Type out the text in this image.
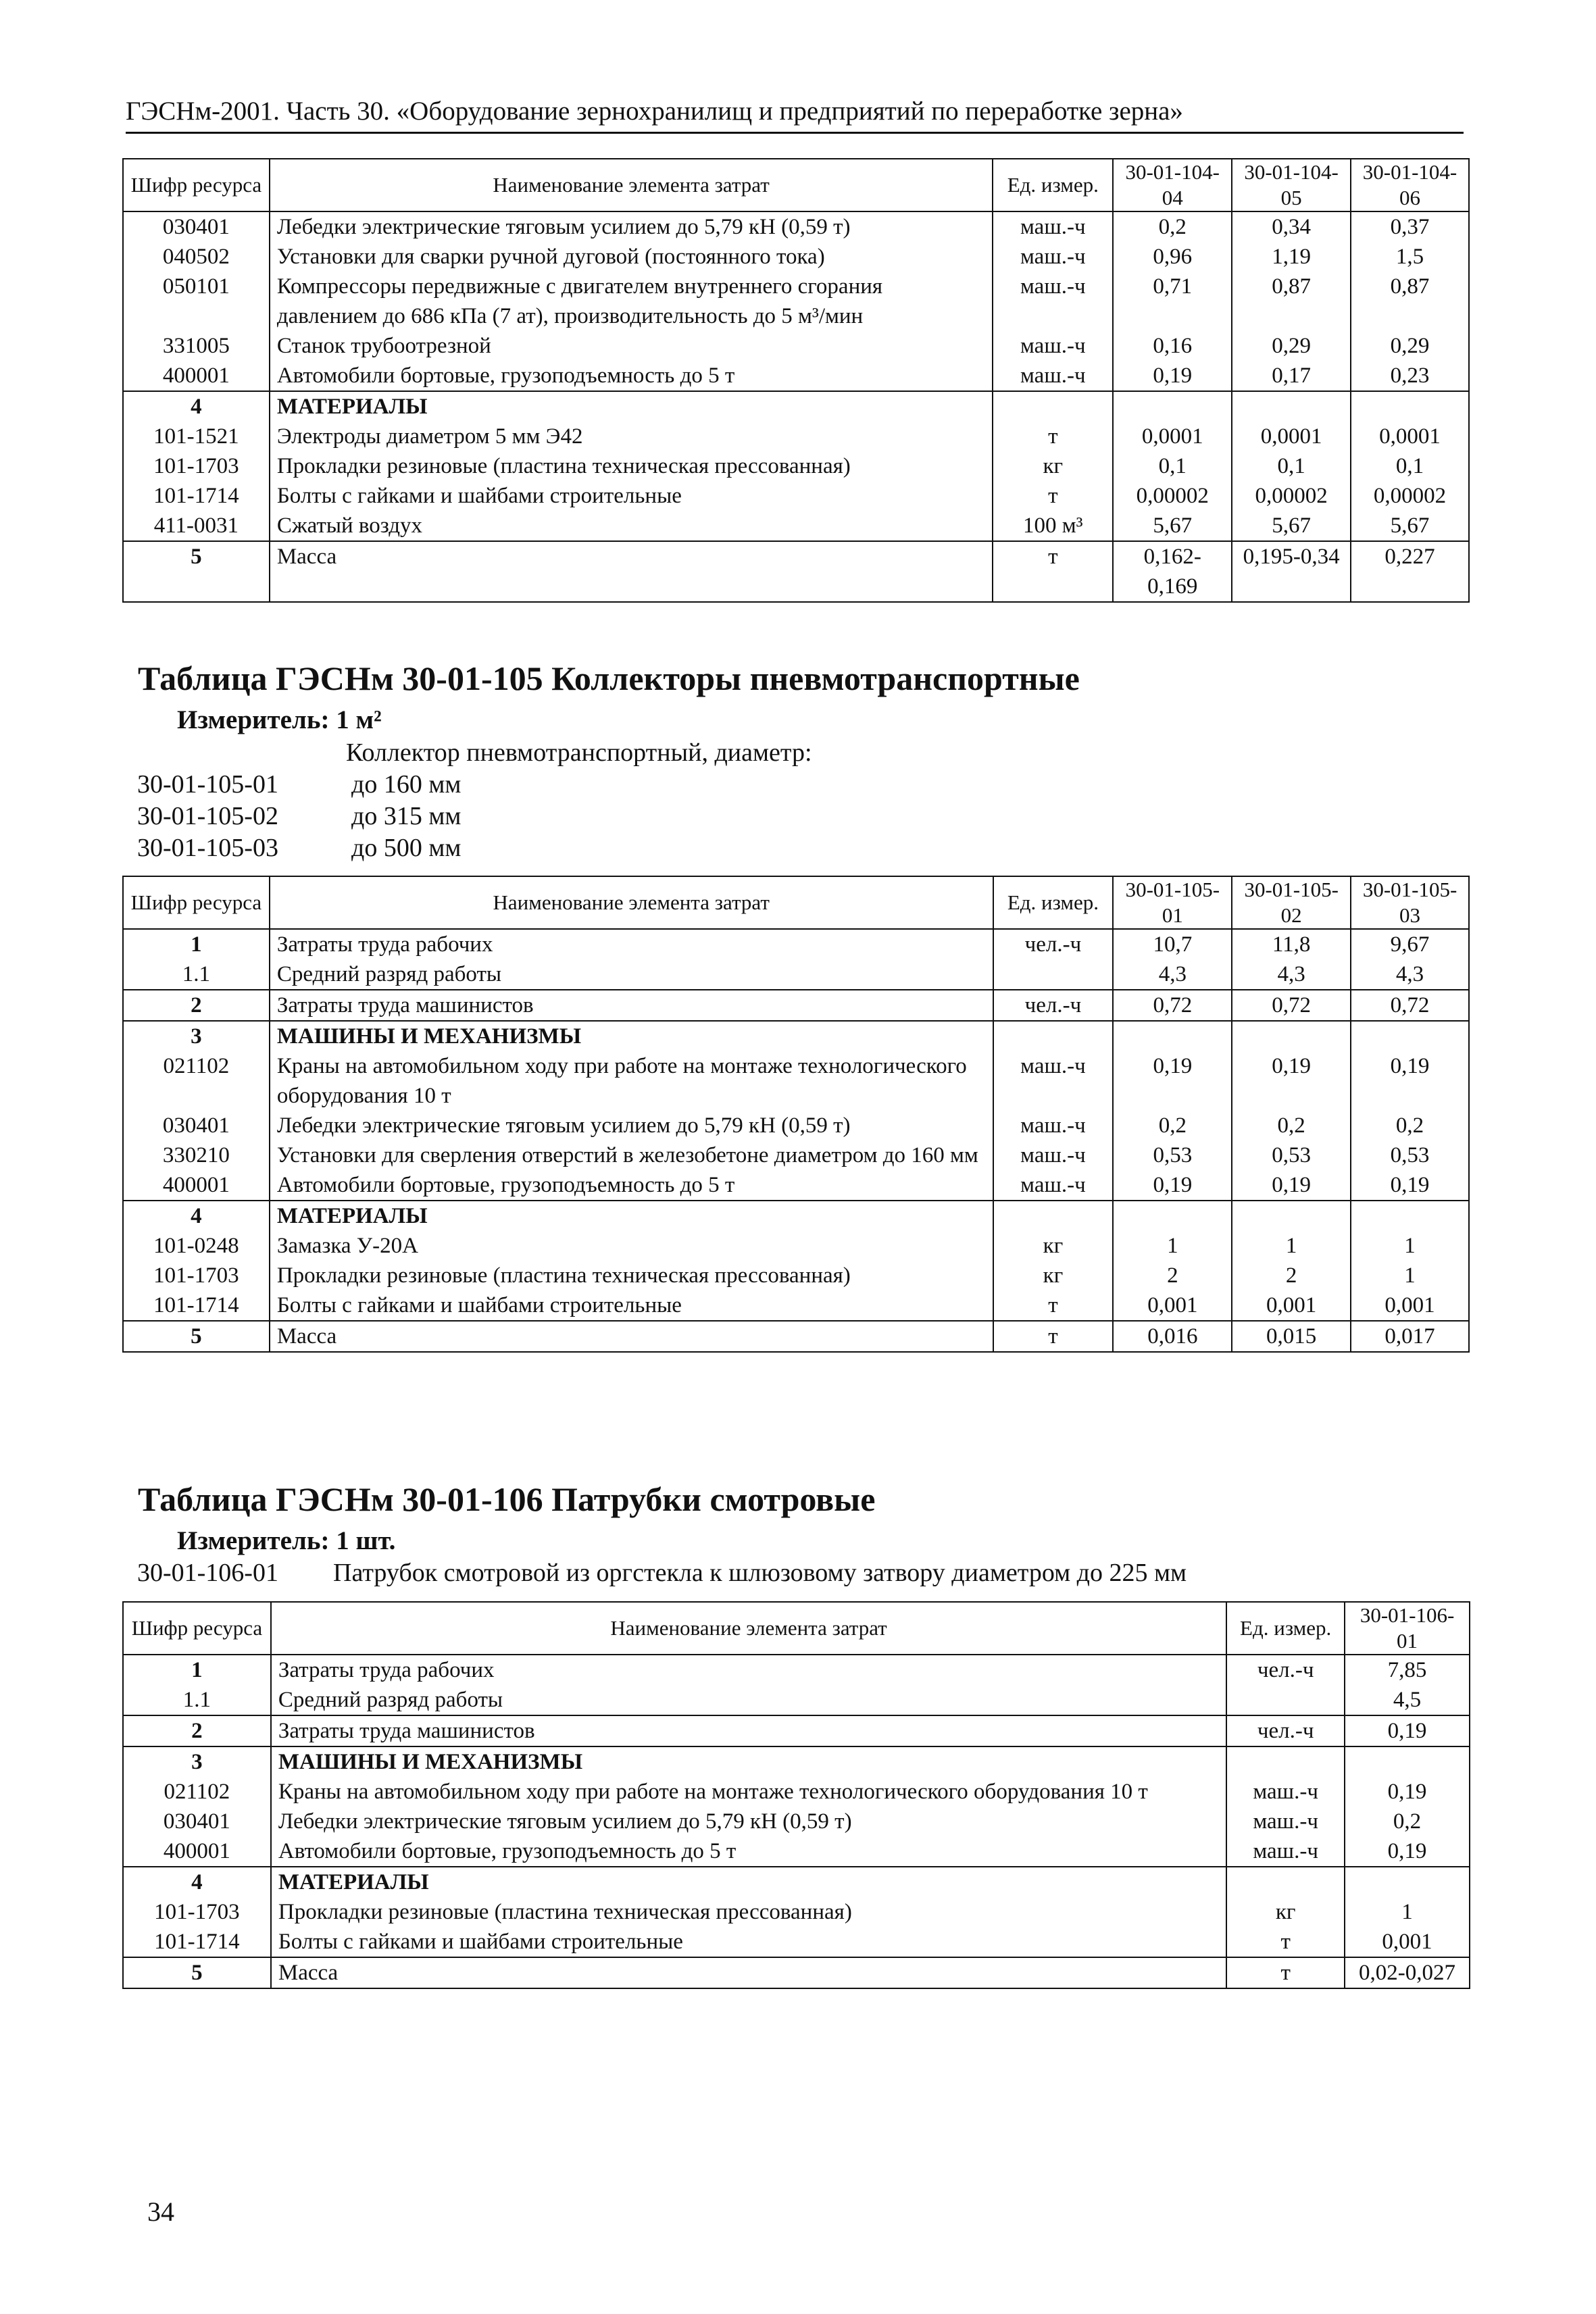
ГЭСНм-2001. Часть 30. «Оборудование зернохранилищ и предприятий по переработке зерна»
Шифр ресурса	Наименование элемента затрат	Ед. измер.	30-01-104-04	30-01-104-05	30-01-104-06
030401	Лебедки электрические тяговым усилием до 5,79 кН (0,59 т)	маш.-ч	0,2	0,34	0,37
040502	Установки для сварки ручной дуговой (постоянного тока)	маш.-ч	0,96	1,19	1,5
050101	Компрессоры передвижные с двигателем внутреннего сгорания давлением до 686 кПа (7 ат), производительность до 5 м³/мин	маш.-ч	0,71	0,87	0,87
331005	Станок трубоотрезной	маш.-ч	0,16	0,29	0,29
400001	Автомобили бортовые, грузоподъемность до 5 т	маш.-ч	0,19	0,17	0,23
4	МАТЕРИАЛЫ				
101-1521	Электроды диаметром 5 мм Э42	т	0,0001	0,0001	0,0001
101-1703	Прокладки резиновые (пластина техническая прессованная)	кг	0,1	0,1	0,1
101-1714	Болты с гайками и шайбами строительные	т	0,00002	0,00002	0,00002
411-0031	Сжатый воздух	100 м³	5,67	5,67	5,67
5	Масса	т	0,162-0,169	0,195-0,34	0,227
Таблица ГЭСНм 30-01-105 Коллекторы пневмотранспортные
Измеритель: 1 м²
Коллектор пневмотранспортный, диаметр:
30-01-105-01	до 160 мм
30-01-105-02	до 315 мм
30-01-105-03	до 500 мм
Шифр ресурса	Наименование элемента затрат	Ед. измер.	30-01-105-01	30-01-105-02	30-01-105-03
1	Затраты труда рабочих	чел.-ч	10,7	11,8	9,67
1.1	Средний разряд работы		4,3	4,3	4,3
2	Затраты труда машинистов	чел.-ч	0,72	0,72	0,72
3	МАШИНЫ И МЕХАНИЗМЫ				
021102	Краны на автомобильном ходу при работе на монтаже технологического оборудования 10 т	маш.-ч	0,19	0,19	0,19
030401	Лебедки электрические тяговым усилием до 5,79 кН (0,59 т)	маш.-ч	0,2	0,2	0,2
330210	Установки для сверления отверстий в железобетоне диаметром до 160 мм	маш.-ч	0,53	0,53	0,53
400001	Автомобили бортовые, грузоподъемность до 5 т	маш.-ч	0,19	0,19	0,19
4	МАТЕРИАЛЫ				
101-0248	Замазка У-20А	кг	1	1	1
101-1703	Прокладки резиновые (пластина техническая прессованная)	кг	2	2	1
101-1714	Болты с гайками и шайбами строительные	т	0,001	0,001	0,001
5	Масса	т	0,016	0,015	0,017
Таблица ГЭСНм 30-01-106 Патрубки смотровые
Измеритель: 1 шт.
30-01-106-01 Патрубок смотровой из оргстекла к шлюзовому затвору диаметром до 225 мм
Шифр ресурса	Наименование элемента затрат	Ед. измер.	30-01-106-01
1	Затраты труда рабочих	чел.-ч	7,85
1.1	Средний разряд работы		4,5
2	Затраты труда машинистов	чел.-ч	0,19
3	МАШИНЫ И МЕХАНИЗМЫ		
021102	Краны на автомобильном ходу при работе на монтаже технологического оборудования 10 т	маш.-ч	0,19
030401	Лебедки электрические тяговым усилием до 5,79 кН (0,59 т)	маш.-ч	0,2
400001	Автомобили бортовые, грузоподъемность до 5 т	маш.-ч	0,19
4	МАТЕРИАЛЫ		
101-1703	Прокладки резиновые (пластина техническая прессованная)	кг	1
101-1714	Болты с гайками и шайбами строительные	т	0,001
5	Масса	т	0,02-0,027
34
